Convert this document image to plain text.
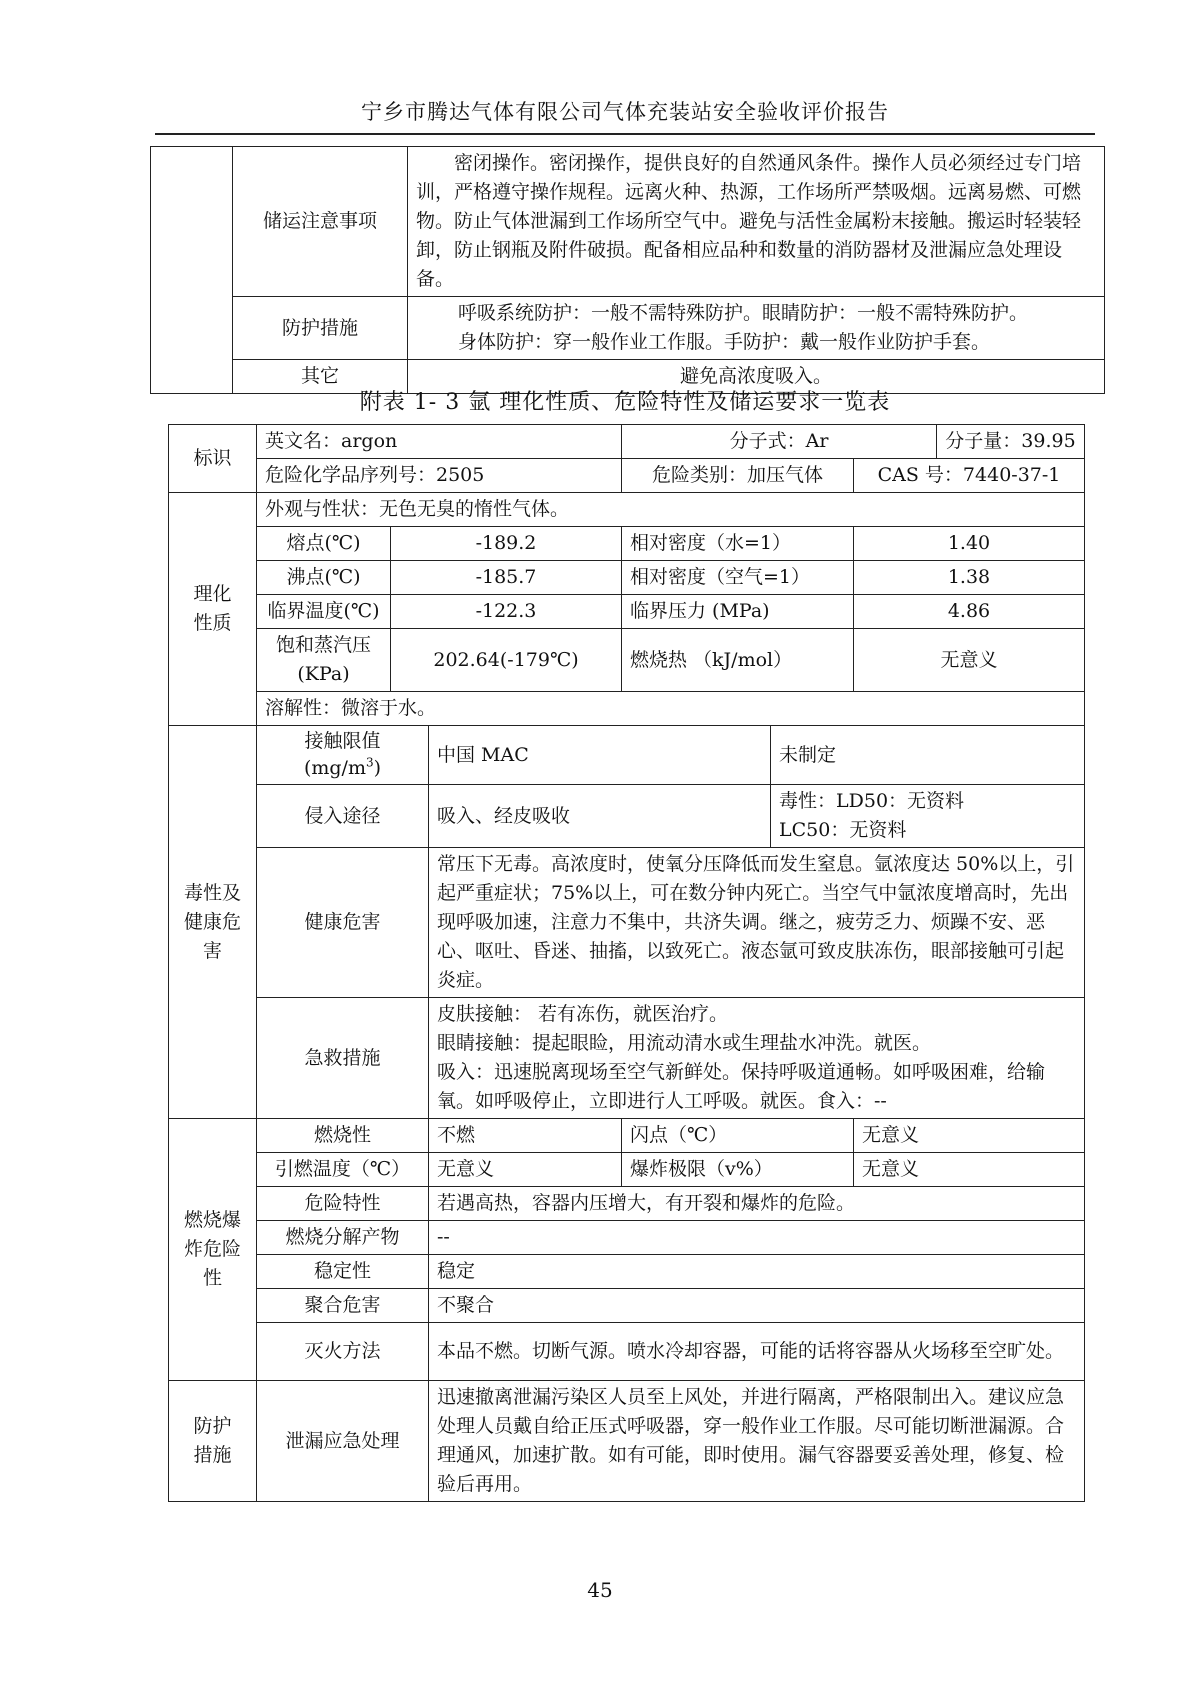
宁乡市腾达气体有限公司气体充装站安全验收评价报告
	储运注意事项	密闭操作。密闭操作，提供良好的自然通风条件。操作人员必须经过专门培训，严格遵守操作规程。远离火种、热源，工作场所严禁吸烟。远离易燃、可燃物。防止气体泄漏到工作场所空气中。避免与活性金属粉末接触。搬运时轻装轻卸，防止钢瓶及附件破损。配备相应品种和数量的消防器材及泄漏应急处理设备。
	防护措施	呼吸系统防护：一般不需特殊防护。眼睛防护：一般不需特殊防护。
身体防护：穿一般作业工作服。手防护：戴一般作业防护手套。

	其它	避免高浓度吸入。
附表 1- 3 氩 理化性质、危险特性及储运要求一览表
标识	英文名：argon			分子式：Ar			分子量：39.95
	危险化学品序列号：2505			危险类别：加压气体		CAS 号：7440-37-1	
理化
性质	外观与性状：无色无臭的惰性气体。						
	熔点(℃)	-189.2		相对密度（水=1）		1.40	
	沸点(℃)	-185.7		相对密度（空气=1）		1.38	
	临界温度(℃)	-122.3		临界压力 (MPa)		4.86	
	饱和蒸汽压(KPa)	202.64(-179℃)		燃烧热 （kJ/mol）		无意义	
	溶解性：微溶于水。						
毒性及
健康危
害	接触限值
$(mg/m^3)$		中国 MAC		未制定		
	侵入途径		吸入、经皮吸收		毒性：LD50：无资料
LC50：无资料		

	健康危害		常压下无毒。高浓度时，使氧分压降低而发生窒息。氩浓度达 50%以上，引起严重症状；75%以上，可在数分钟内死亡。当空气中氩浓度增高时，先出现呼吸加速，注意力不集中，共济失调。继之，疲劳乏力、烦躁不安、恶心、呕吐、昏迷、抽搐，以致死亡。液态氩可致皮肤冻伤，眼部接触可引起炎症。				
	急救措施		皮肤接触： 若有冻伤，就医治疗。
眼睛接触：提起眼睑，用流动清水或生理盐水冲洗。就医。
吸入：迅速脱离现场至空气新鲜处。保持呼吸道通畅。如呼吸困难，给输氧。如呼吸停止，立即进行人工呼吸。就医。食入：--				

燃烧爆
炸危险
性	燃烧性		不燃	闪点（℃）		无意义	
	引燃温度（℃）		无意义	爆炸极限（v%）		无意义	
	危险特性		若遇高热，容器内压增大，有开裂和爆炸的危险。				
	燃烧分解产物		--				
	稳定性		稳定				
	聚合危害		不聚合				
	灭火方法		本品不燃。切断气源。喷水冷却容器，可能的话将容器从火场移至空旷处。				
防护
措施	泄漏应急处理		迅速撤离泄漏污染区人员至上风处，并进行隔离，严格限制出入。建议应急处理人员戴自给正压式呼吸器，穿一般作业工作服。尽可能切断泄漏源。合理通风，加速扩散。如有可能，即时使用。漏气容器要妥善处理，修复、检验后再用。				
45
